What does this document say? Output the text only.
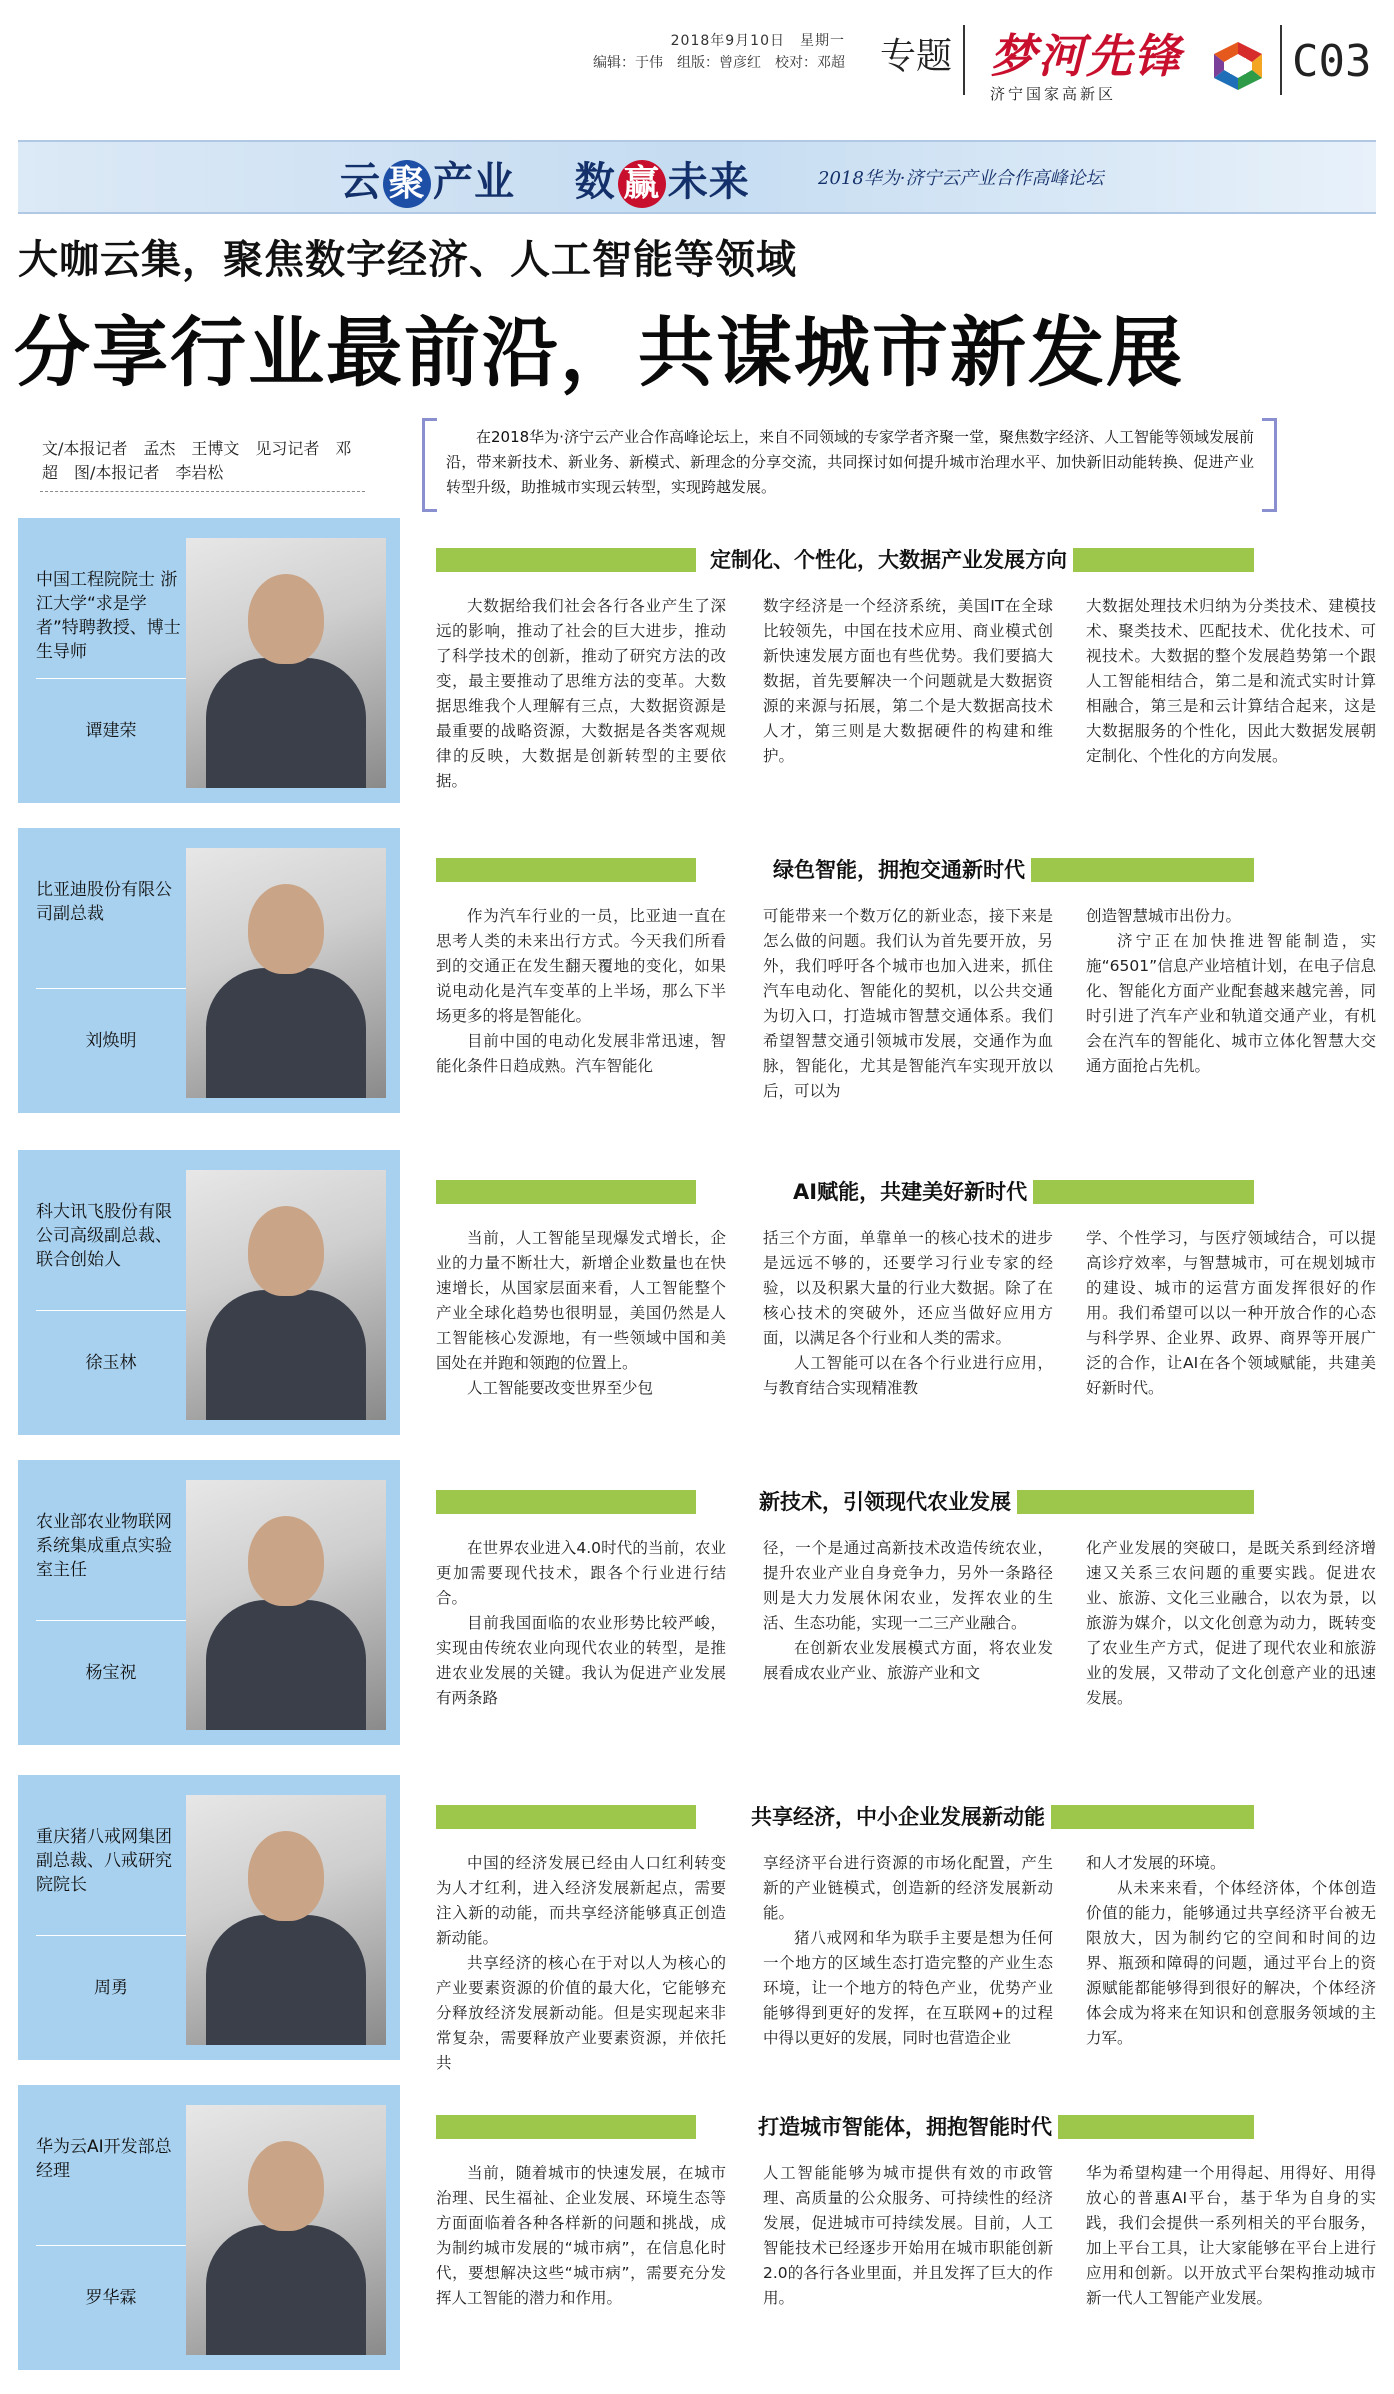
2018年9月10日　星期一
编辑：于伟　组版：曾彦红　校对：邓超 专题 梦河先锋
济宁国家高新区
C03
云 聚 产业 数 赢 未来	2018华为·济宁云产业合作高峰论坛
大咖云集，聚焦数字经济、人工智能等领域
分享行业最前沿，共谋城市新发展
文/本报记者　孟杰　王博文　见习记者　邓超　图/本报记者　李岩松
在2018华为·济宁云产业合作高峰论坛上，来自不同领域的专家学者齐聚一堂，聚焦数字经济、人工智能等领域发展前沿，带来新技术、新业务、新模式、新理念的分享交流，共同探讨如何提升城市治理水平、加快新旧动能转换、促进产业转型升级，助推城市实现云转型，实现跨越发展。
中国工程院院士 浙江大学“求是学者”特聘教授、博士生导师
谭建荣
定制化、个性化，大数据产业发展方向

大数据给我们社会各行各业产生了深远的影响，推动了社会的巨大进步，推动了科学技术的创新，推动了研究方法的改变，最主要推动了思维方法的变革。大数据思维我个人理解有三点，大数据资源是最重要的战略资源，大数据是各类客观规律的反映，大数据是创新转型的主要依据。

数字经济是一个经济系统，美国IT在全球比较领先，中国在技术应用、商业模式创新快速发展方面也有些优势。我们要搞大数据，首先要解决一个问题就是大数据资源的来源与拓展，第二个是大数据高技术人才，第三则是大数据硬件的构建和维护。

大数据处理技术归纳为分类技术、建模技术、聚类技术、匹配技术、优化技术、可视技术。大数据的整个发展趋势第一个跟人工智能相结合，第二是和流式实时计算相融合，第三是和云计算结合起来，这是大数据服务的个性化，因此大数据发展朝定制化、个性化的方向发展。

比亚迪股份有限公司副总裁
刘焕明
绿色智能，拥抱交通新时代

作为汽车行业的一员，比亚迪一直在思考人类的未来出行方式。今天我们所看到的交通正在发生翻天覆地的变化，如果说电动化是汽车变革的上半场，那么下半场更多的将是智能化。

目前中国的电动化发展非常迅速，智能化条件日趋成熟。汽车智能化

可能带来一个数万亿的新业态，接下来是怎么做的问题。我们认为首先要开放，另外，我们呼吁各个城市也加入进来，抓住汽车电动化、智能化的契机，以公共交通为切入口，打造城市智慧交通体系。我们希望智慧交通引领城市发展，交通作为血脉，智能化，尤其是智能汽车实现开放以后，可以为

创造智慧城市出份力。

济宁正在加快推进智能制造，实施“6501”信息产业培植计划，在电子信息化、智能化方面产业配套越来越完善，同时引进了汽车产业和轨道交通产业，有机会在汽车的智能化、城市立体化智慧大交通方面抢占先机。

科大讯飞股份有限公司高级副总裁、联合创始人
徐玉林
AI赋能，共建美好新时代

当前，人工智能呈现爆发式增长，企业的力量不断壮大，新增企业数量也在快速增长，从国家层面来看，人工智能整个产业全球化趋势也很明显，美国仍然是人工智能核心发源地，有一些领域中国和美国处在并跑和领跑的位置上。

人工智能要改变世界至少包

括三个方面，单靠单一的核心技术的进步是远远不够的，还要学习行业专家的经验，以及积累大量的行业大数据。除了在核心技术的突破外，还应当做好应用方面，以满足各个行业和人类的需求。

人工智能可以在各个行业进行应用，与教育结合实现精准教

学、个性学习，与医疗领域结合，可以提高诊疗效率，与智慧城市，可在规划城市的建设、城市的运营方面发挥很好的作用。我们希望可以以一种开放合作的心态与科学界、企业界、政界、商界等开展广泛的合作，让AI在各个领域赋能，共建美好新时代。

农业部农业物联网系统集成重点实验室主任
杨宝祝
新技术，引领现代农业发展

在世界农业进入4.0时代的当前，农业更加需要现代技术，跟各个行业进行结合。

目前我国面临的农业形势比较严峻，实现由传统农业向现代农业的转型，是推进农业发展的关键。我认为促进产业发展有两条路

径，一个是通过高新技术改造传统农业，提升农业产业自身竞争力，另外一条路径则是大力发展休闲农业，发挥农业的生活、生态功能，实现一二三产业融合。

在创新农业发展模式方面，将农业发展看成农业产业、旅游产业和文

化产业发展的突破口，是既关系到经济增速又关系三农问题的重要实践。促进农业、旅游、文化三业融合，以农为景，以旅游为媒介，以文化创意为动力，既转变了农业生产方式，促进了现代农业和旅游业的发展，又带动了文化创意产业的迅速发展。

重庆猪八戒网集团副总裁、八戒研究院院长
周勇
共享经济，中小企业发展新动能

中国的经济发展已经由人口红利转变为人才红利，进入经济发展新起点，需要注入新的动能，而共享经济能够真正创造新动能。

共享经济的核心在于对以人为核心的产业要素资源的价值的最大化，它能够充分释放经济发展新动能。但是实现起来非常复杂，需要释放产业要素资源，并依托共

享经济平台进行资源的市场化配置，产生新的产业链模式，创造新的经济发展新动能。

猪八戒网和华为联手主要是想为任何一个地方的区域生态打造完整的产业生态环境，让一个地方的特色产业，优势产业能够得到更好的发挥，在互联网+的过程中得以更好的发展，同时也营造企业

和人才发展的环境。

从未来来看，个体经济体，个体创造价值的能力，能够通过共享经济平台被无限放大，因为制约它的空间和时间的边界、瓶颈和障碍的问题，通过平台上的资源赋能都能够得到很好的解决，个体经济体会成为将来在知识和创意服务领域的主力军。

华为云AI开发部总经理
罗华霖
打造城市智能体，拥抱智能时代

当前，随着城市的快速发展，在城市治理、民生福祉、企业发展、环境生态等方面面临着各种各样新的问题和挑战，成为制约城市发展的“城市病”，在信息化时代，要想解决这些“城市病”，需要充分发挥人工智能的潜力和作用。

人工智能能够为城市提供有效的市政管理、高质量的公众服务、可持续性的经济发展，促进城市可持续发展。目前，人工智能技术已经逐步开始用在城市职能创新2.0的各行各业里面，并且发挥了巨大的作用。

华为希望构建一个用得起、用得好、用得放心的普惠AI平台，基于华为自身的实践，我们会提供一系列相关的平台服务，加上平台工具，让大家能够在平台上进行应用和创新。以开放式平台架构推动城市新一代人工智能产业发展。
